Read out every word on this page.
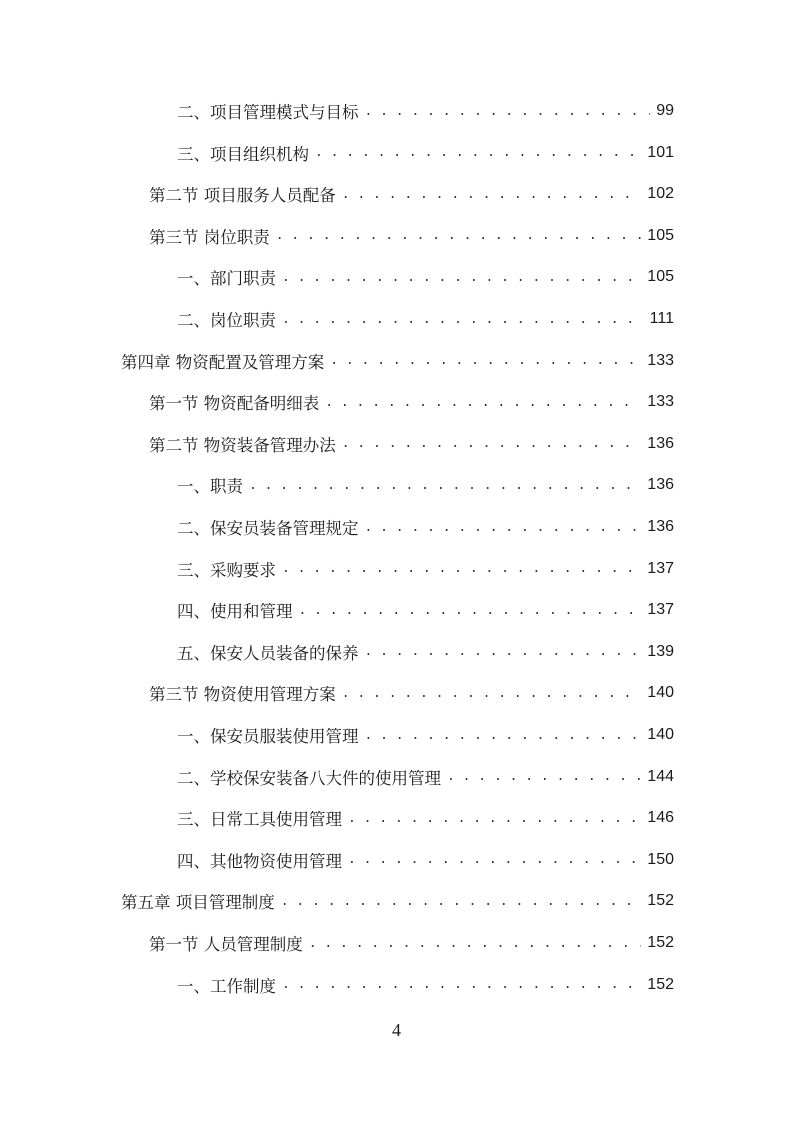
二、项目管理模式与目标 . . .	99
三、项目组织机构 . . .	101
第二节 项目服务人员配备 . . .	102
第三节 岗位职责 . . .	105
一、部门职责 . . .	105
二、岗位职责 . . .	111
第四章 物资配置及管理方案 . . .	133
第一节 物资配备明细表 . . .	133
第二节 物资装备管理办法 . . .	136
一、职责 . . .	136
二、保安员装备管理规定 . . .	136
三、采购要求 . . .	137
四、使用和管理 . . .	137
五、保安人员装备的保养 . . .	139
第三节 物资使用管理方案 . . .	140
一、保安员服装使用管理 . . .	140
二、学校保安装备八大件的使用管理 . . .	144
三、日常工具使用管理 . . .	146
四、其他物资使用管理 . . .	150
第五章 项目管理制度 . . .	152
第一节 人员管理制度 . . .	152
一、工作制度 . . .	152
4
